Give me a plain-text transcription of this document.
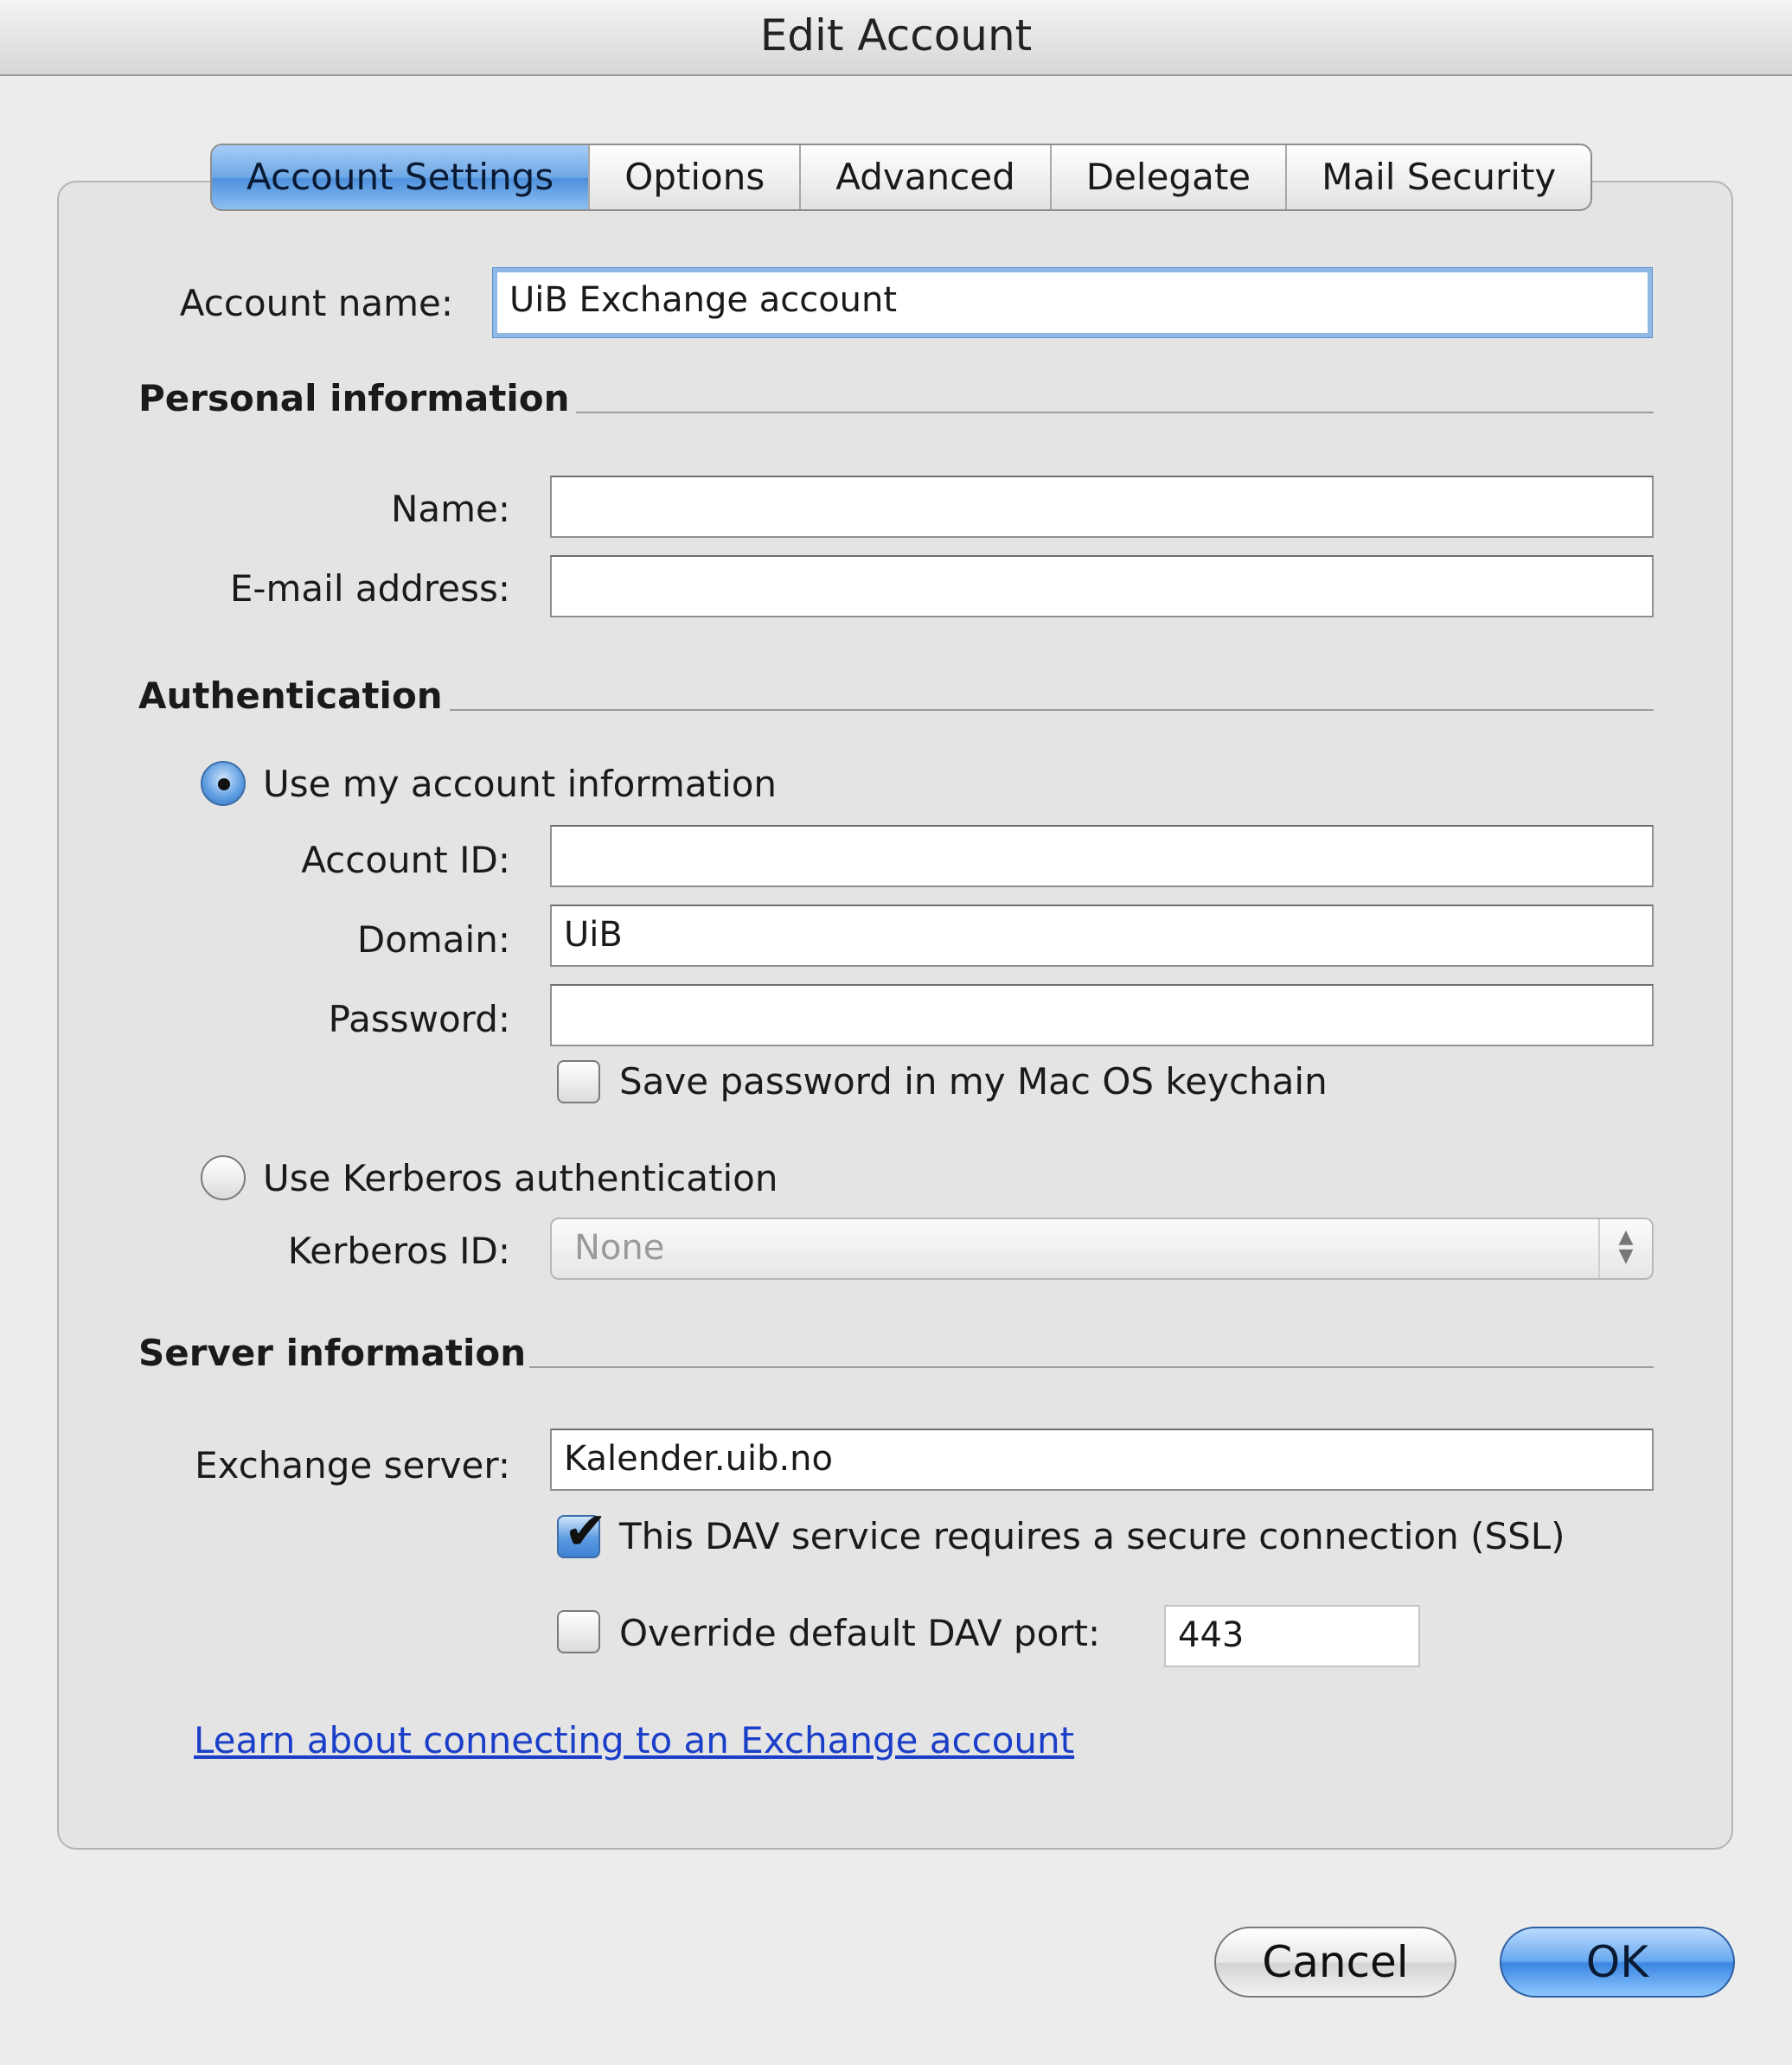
Edit Account
Account Settings	Options	Advanced	Delegate	Mail Security
Account name:	UiB Exchange account
Personal information
Name:
E-mail address:
Authentication
Use my account information
Account ID:
Domain:	UiB
Password:
Save password in my Mac OS keychain
Use Kerberos authentication
Kerberos ID:	None	▲
▼
Server information
Exchange server:	Kalender.uib.no
✔ This DAV service requires a secure connection (SSL)
Override default DAV port:	443
Learn about connecting to an Exchange account
Cancel	OK
